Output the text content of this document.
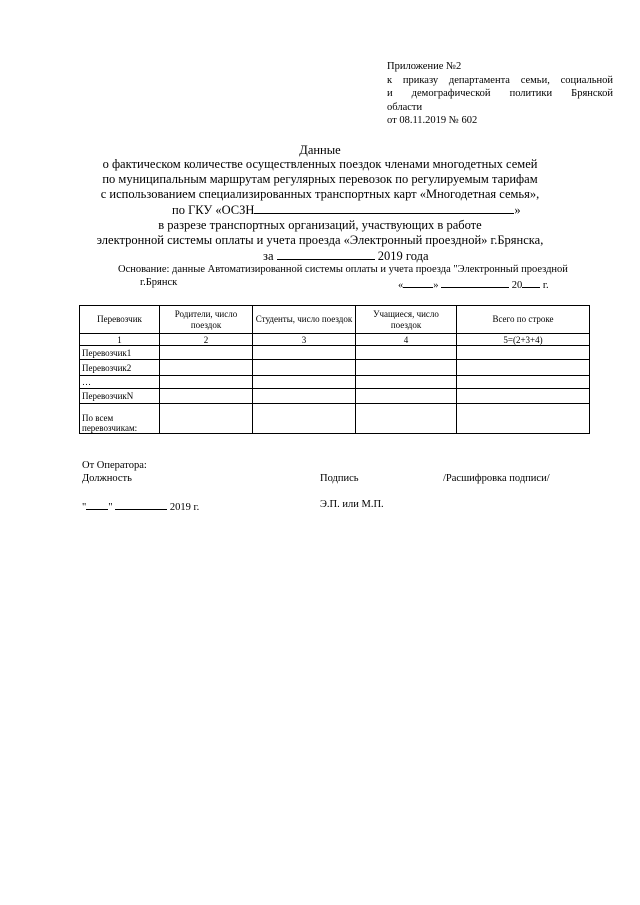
Приложение №2
к приказу департамента семьи, социальной
и демографической политики Брянской
области
от 08.11.2019 № 602
Данные
о фактическом количестве осуществленных поездок членами многодетных семей
по муниципальным маршрутам регулярных перевозок по регулируемым тарифам
с использованием специализированных транспортных карт «Многодетная семья»,
по ГКУ «ОСЗН	»
в разрезе транспортных организаций, участвующих в работе
электронной системы оплаты и учета проезда «Электронный проездной» г.Брянска,
за	2019 года
Основание: данные Автоматизированной системы оплаты и учета проезда "Электронный проездной
г.Брянск	«	»	20 г.
Перевозчик	Родители, число поездок	Студенты, число поездок	Учащиеся, число поездок	Всего по строке
1	2	3	4	5=(2+3+4)
Перевозчик1				
Перевозчик2				
…				
ПеревозчикN				
По всем перевозчикам:				
От Оператора:
Должность	Подпись	/Расшифровка подписи/
" "	2019 г.	Э.П. или М.П.
